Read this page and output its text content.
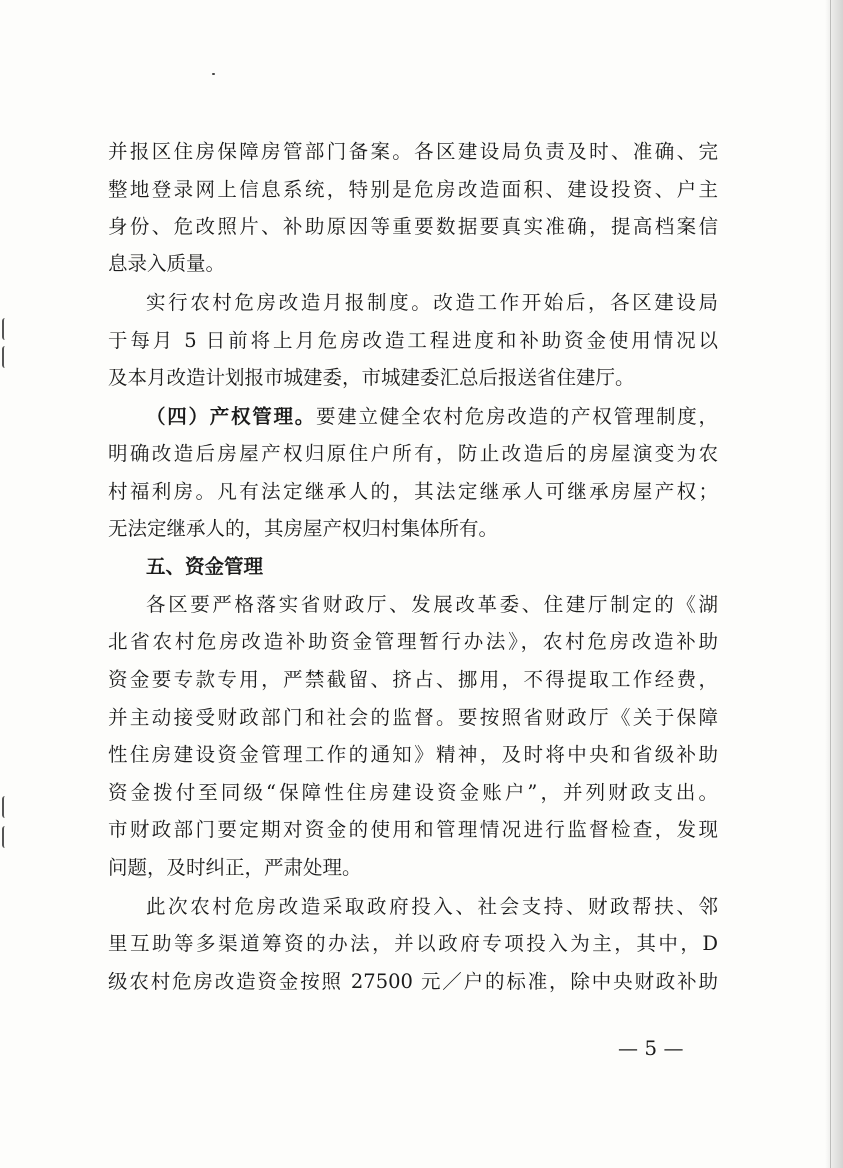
并报区住房保障房管部门备案。各区建设局负责及时、准确、完
整地登录网上信息系统，特别是危房改造面积、建设投资、户主
身份、危改照片、补助原因等重要数据要真实准确，提高档案信
息录入质量。
实行农村危房改造月报制度。改造工作开始后，各区建设局
于每月 5 日前将上月危房改造工程进度和补助资金使用情况以
及本月改造计划报市城建委，市城建委汇总后报送省住建厅。
（四）产权管理。要建立健全农村危房改造的产权管理制度，
明确改造后房屋产权归原住户所有，防止改造后的房屋演变为农
村福利房。凡有法定继承人的，其法定继承人可继承房屋产权；
无法定继承人的，其房屋产权归村集体所有。
五、资金管理
各区要严格落实省财政厅、发展改革委、住建厅制定的《湖
北省农村危房改造补助资金管理暂行办法》，农村危房改造补助
资金要专款专用，严禁截留、挤占、挪用，不得提取工作经费，
并主动接受财政部门和社会的监督。要按照省财政厅《关于保障
性住房建设资金管理工作的通知》精神，及时将中央和省级补助
资金拨付至同级“保障性住房建设资金账户”，并列财政支出。
市财政部门要定期对资金的使用和管理情况进行监督检查，发现
问题，及时纠正，严肃处理。
此次农村危房改造采取政府投入、社会支持、财政帮扶、邻
里互助等多渠道筹资的办法，并以政府专项投入为主，其中，D
级农村危房改造资金按照 27500 元／户的标准，除中央财政补助
— 5 —
